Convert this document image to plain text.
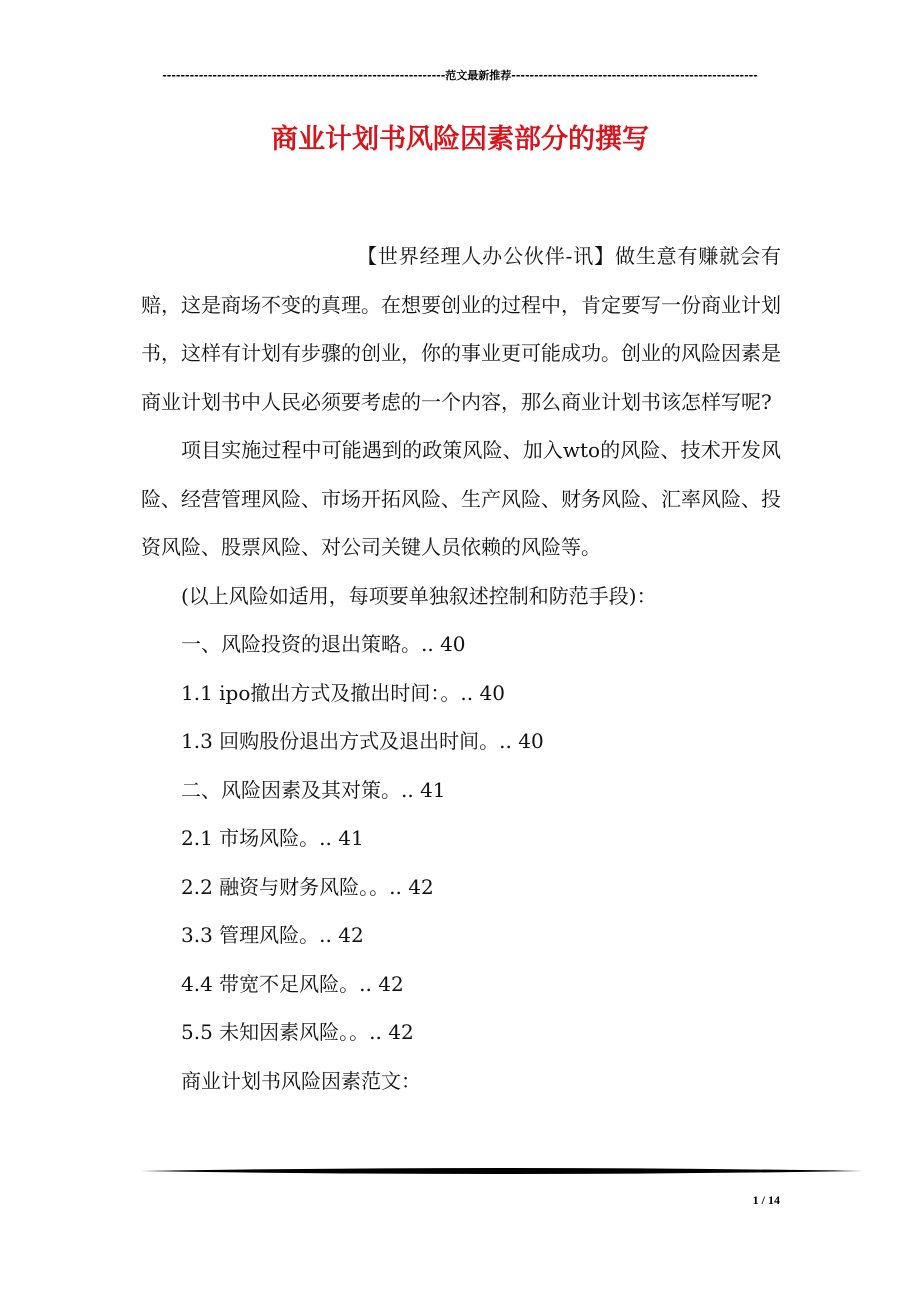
--------------------------------------------------------------范文最新推荐------------------------------------------------------
商业计划书风险因素部分的撰写

【世界经理人办公伙伴-讯】做生意有赚就会有赔，这是商场不变的真理。在想要创业的过程中，肯定要写一份商业计划书，这样有计划有步骤的创业，你的事业更可能成功。创业的风险因素是商业计划书中人民必须要考虑的一个内容，那么商业计划书该怎样写呢?

项目实施过程中可能遇到的政策风险、加入wto的风险、技术开发风险、经营管理风险、市场开拓风险、生产风险、财务风险、汇率风险、投资风险、股票风险、对公司关键人员依赖的风险等。

(以上风险如适用，每项要单独叙述控制和防范手段)：

一、风险投资的退出策略。.. 40
1.1 ipo撤出方式及撤出时间：。.. 40
1.3 回购股份退出方式及退出时间。.. 40
二、风险因素及其对策。.. 41
2.1 市场风险。.. 41
2.2 融资与财务风险。。.. 42
3.3 管理风险。.. 42
4.4 带宽不足风险。.. 42
5.5 未知因素风险。。.. 42

商业计划书风险因素范文：

1 / 14
